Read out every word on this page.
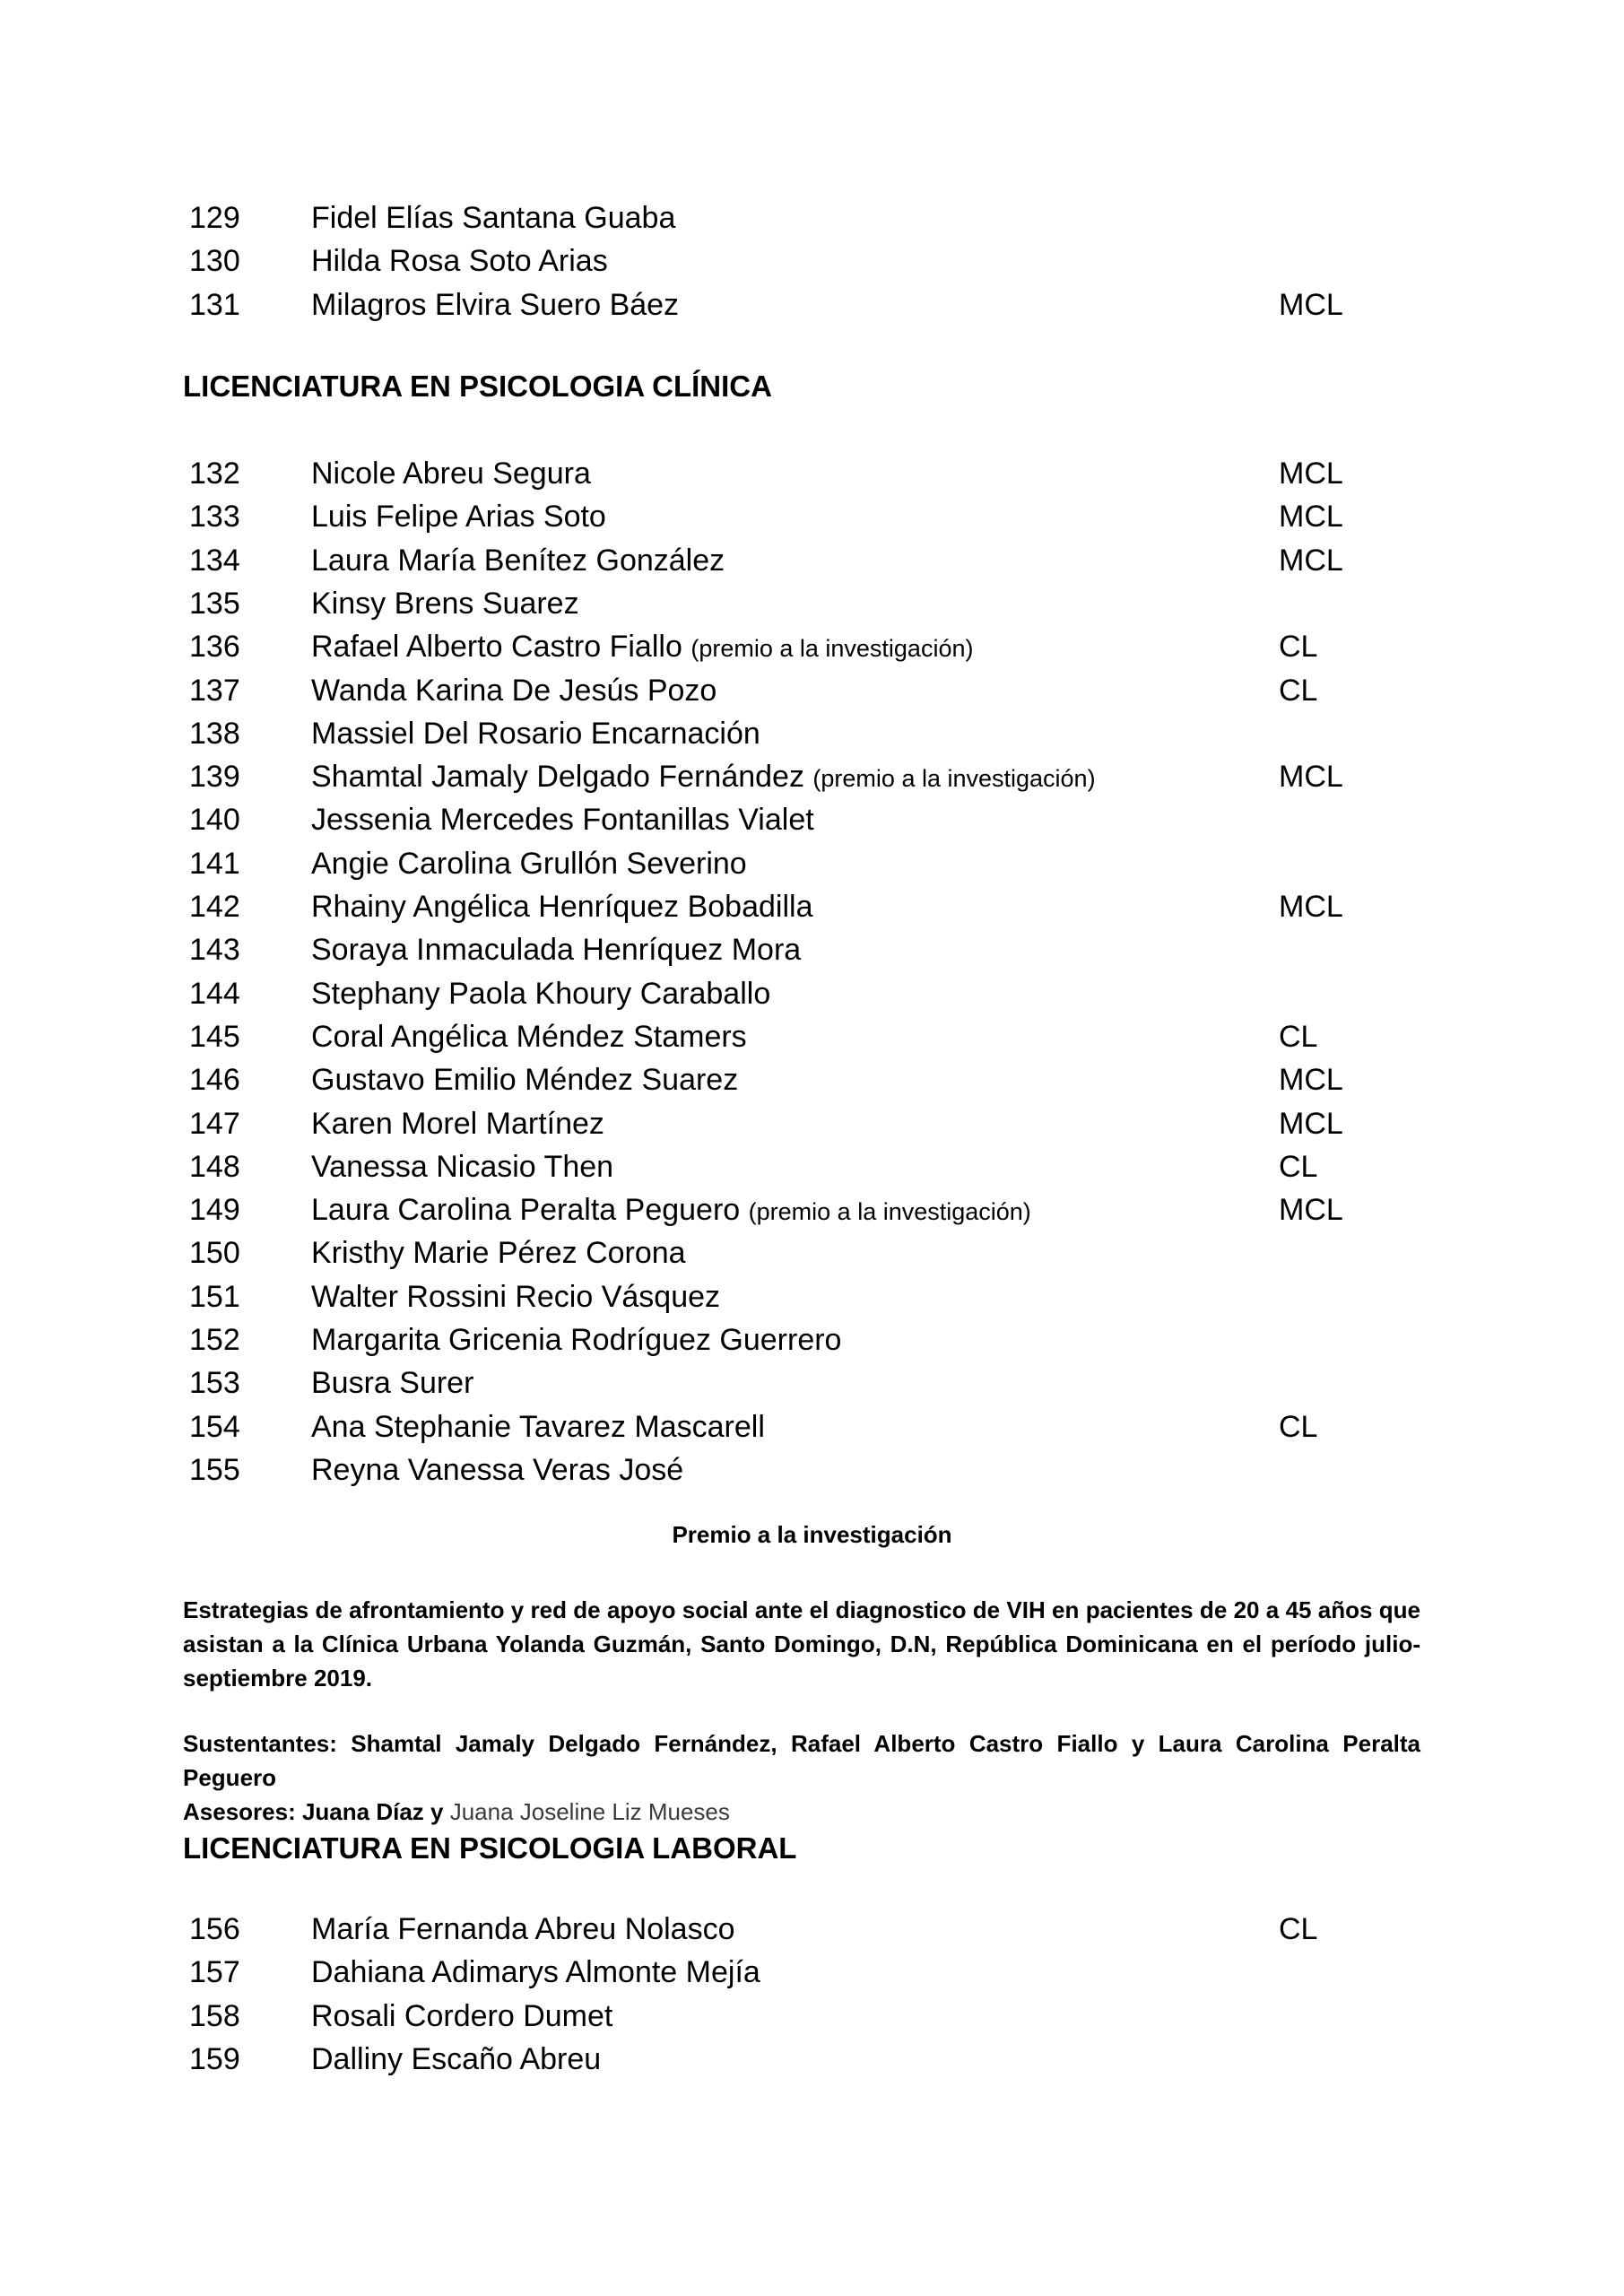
129 Fidel Elías Santana Guaba
130 Hilda Rosa Soto Arias
131 Milagros Elvira Suero Báez	MCL
LICENCIATURA EN PSICOLOGIA CLÍNICA
132 Nicole Abreu Segura	MCL
133 Luis Felipe Arias Soto	MCL
134 Laura María Benítez González	MCL
135 Kinsy Brens Suarez
136 Rafael Alberto Castro Fiallo (premio a la investigación)	CL
137 Wanda Karina De Jesús Pozo	CL
138 Massiel Del Rosario Encarnación
139 Shamtal Jamaly Delgado Fernández (premio a la investigación)	MCL
140 Jessenia Mercedes Fontanillas Vialet
141 Angie Carolina Grullón Severino
142 Rhainy Angélica Henríquez Bobadilla	MCL
143 Soraya Inmaculada Henríquez Mora
144 Stephany Paola Khoury Caraballo
145 Coral Angélica Méndez Stamers	CL
146 Gustavo Emilio Méndez Suarez	MCL
147 Karen Morel Martínez	MCL
148 Vanessa Nicasio Then	CL
149 Laura Carolina Peralta Peguero (premio a la investigación)	MCL
150 Kristhy Marie Pérez Corona
151 Walter Rossini Recio Vásquez
152 Margarita Gricenia Rodríguez Guerrero
153 Busra Surer
154 Ana Stephanie Tavarez Mascarell	CL
155 Reyna Vanessa Veras José
Premio a la investigación
Estrategias de afrontamiento y red de apoyo social ante el diagnostico de VIH en pacientes de 20 a 45 años que asistan a la Clínica Urbana Yolanda Guzmán, Santo Domingo, D.N, República Dominicana en el período julio-septiembre 2019.
Sustentantes: Shamtal Jamaly Delgado Fernández, Rafael Alberto Castro Fiallo y Laura Carolina Peralta Peguero
Asesores: Juana Díaz y Juana Joseline Liz Mueses
LICENCIATURA EN PSICOLOGIA LABORAL
156 María Fernanda Abreu Nolasco	CL
157 Dahiana Adimarys Almonte Mejía
158 Rosali Cordero Dumet
159 Dalliny Escaño Abreu
